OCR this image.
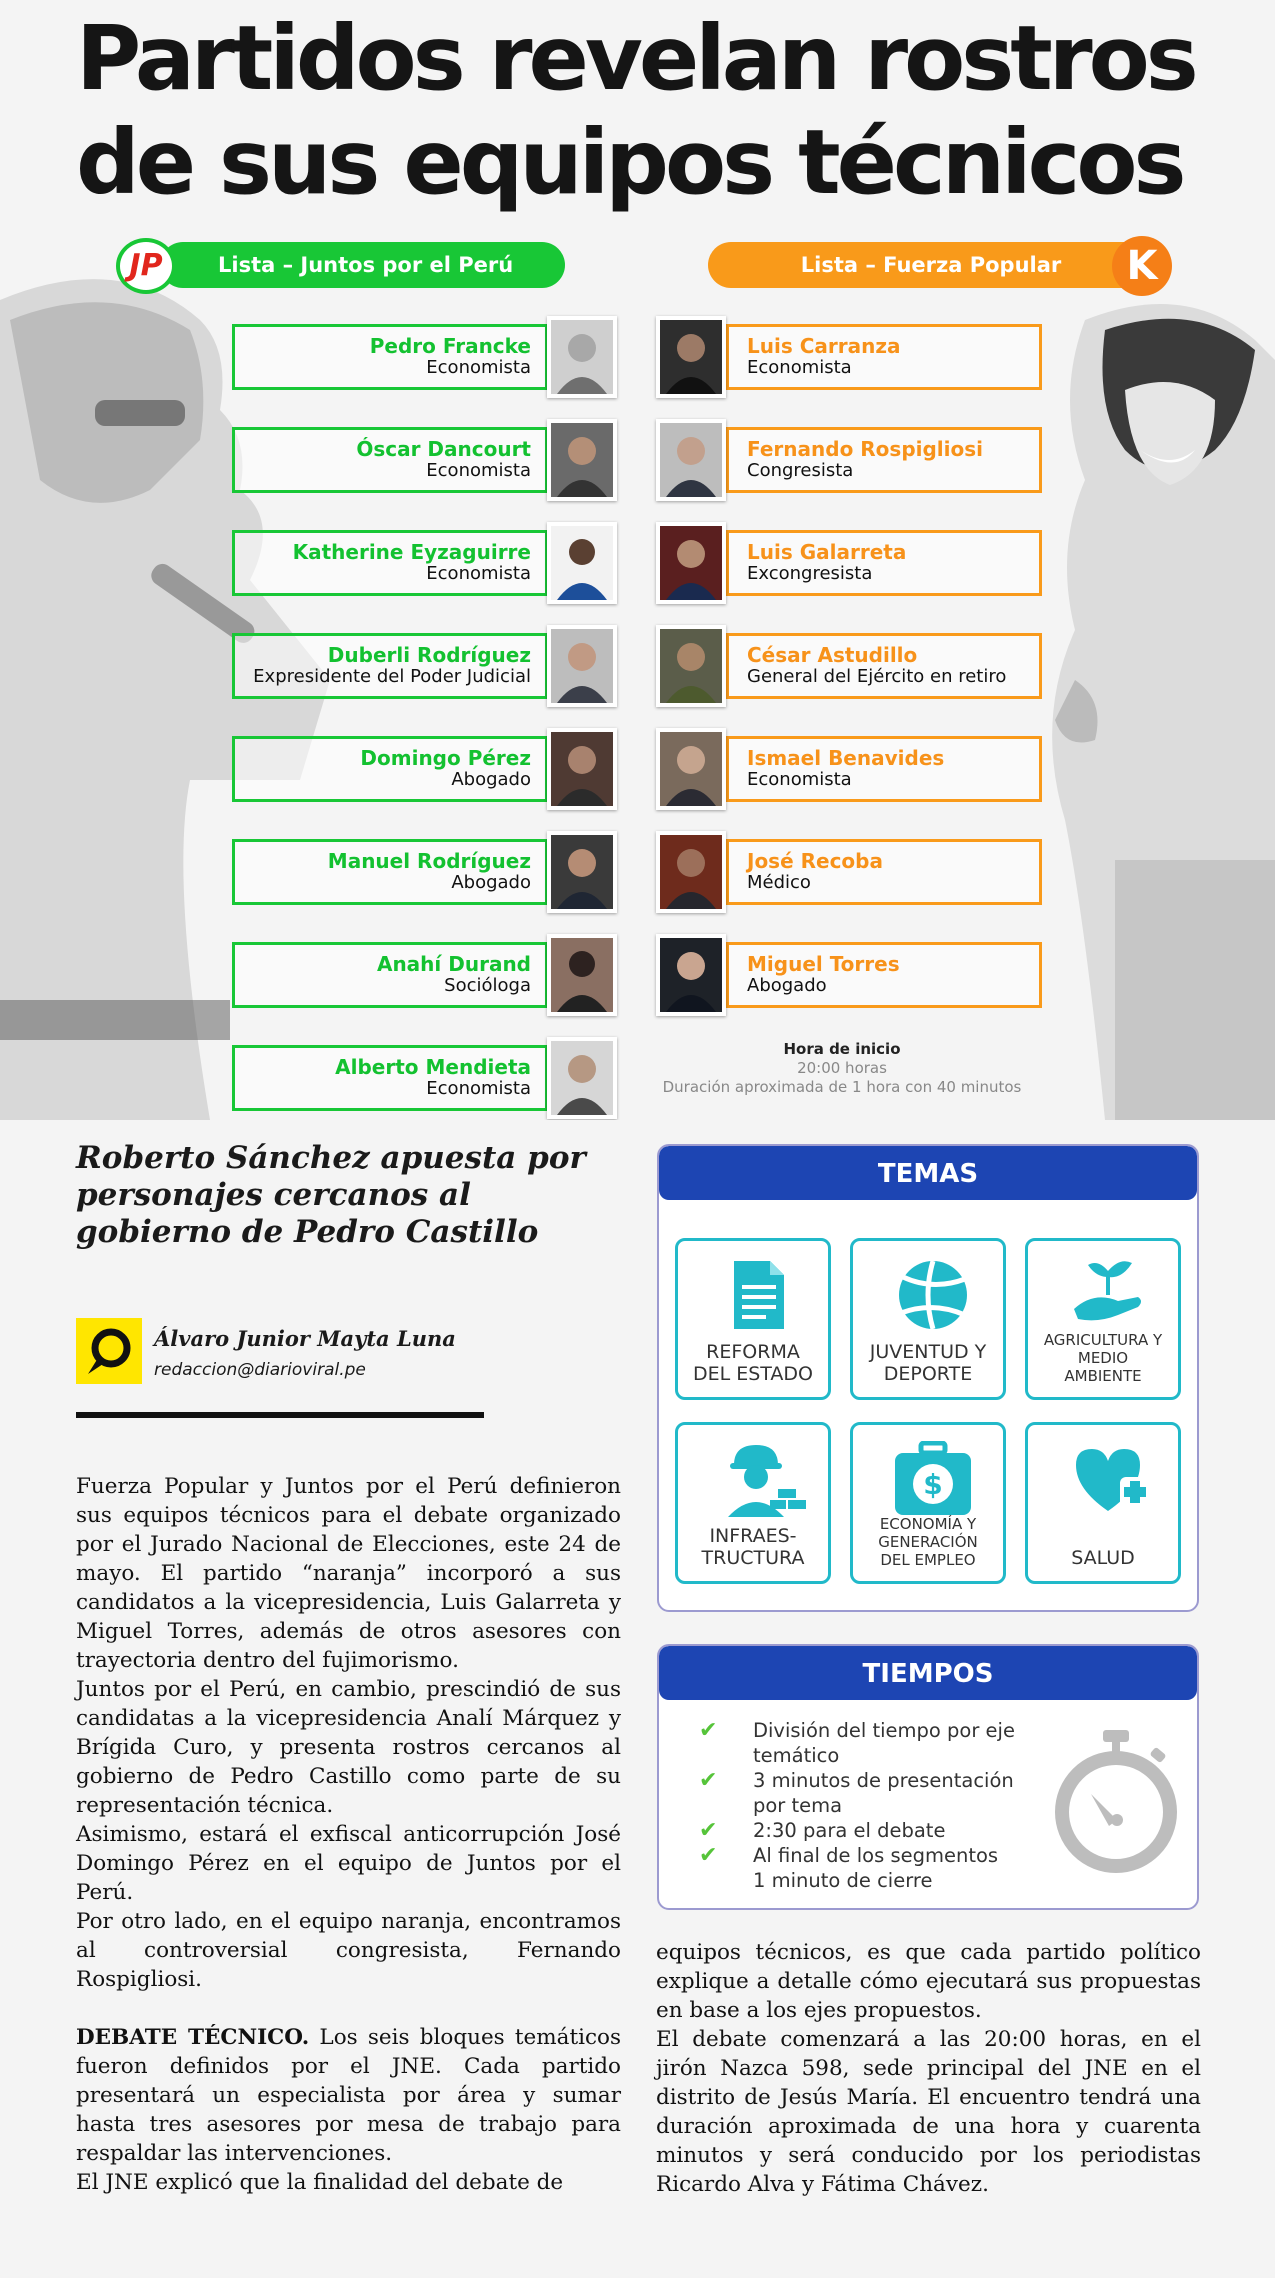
Partidos revelan rostros
de sus equipos técnicos
Lista – Juntos por el Perú
JP	Lista – Fuerza Popular	K
Pedro Francke
Economista
Óscar Dancourt
Economista
Katherine Eyzaguirre
Economista
Duberli Rodríguez
Expresidente del Poder Judicial
Domingo Pérez
Abogado
Manuel Rodríguez
Abogado
Anahí Durand
Socióloga
Alberto Mendieta
Economista
Luis Carranza
Economista
Fernando Rospigliosi
Congresista
Luis Galarreta
Excongresista
César Astudillo
General del Ejército en retiro
Ismael Benavides
Economista
José Recoba
Médico
Miguel Torres
Abogado
Hora de inicio
20:00 horas
Duración aproximada de 1 hora con 40 minutos
Roberto Sánchez apuesta por personajes cercanos al gobierno de Pedro Castillo
Álvaro Junior Mayta Luna
redaccion@diarioviral.pe

Fuerza Popular y Juntos por el Perú definieron sus equipos técnicos para el debate organizado por el Jurado Nacional de Elecciones, este 24 de mayo. El partido “naranja” incorporó a sus candidatos a la vicepresidencia, Luis Galarreta y Miguel Torres, además de otros asesores con trayectoria dentro del fujimorismo.

Juntos por el Perú, en cambio, prescindió de sus candidatas a la vicepresidencia Analí Márquez y Brígida Curo, y presenta rostros cercanos al gobierno de Pedro Castillo como parte de su representación técnica.

Asimismo, estará el exfiscal anticorrupción José Domingo Pérez en el equipo de Juntos por el Perú.

Por otro lado, en el equipo naranja, encontramos al controversial congresista, Fernando Rospigliosi.

DEBATE TÉCNICO. Los seis bloques temáticos fueron definidos por el JNE. Cada partido presentará un especialista por área y sumar hasta tres asesores por mesa de trabajo para respaldar las intervenciones.

El JNE explicó que la finalidad del debate de

equipos técnicos, es que cada partido político explique a detalle cómo ejecutará sus propuestas en base a los ejes propuestos.

El debate comenzará a las 20:00 horas, en el jirón Nazca 598, sede principal del JNE en el distrito de Jesús María. El encuentro tendrá una duración aproximada de una hora y cuarenta minutos y será conducido por los periodistas Ricardo Alva y Fátima Chávez.

TEMAS
REFORMA
DEL ESTADO
JUVENTUD Y
DEPORTE
AGRICULTURA Y
MEDIO
AMBIENTE
INFRAES-
TRUCTURA
$
ECONOMÍA Y
GENERACIÓN
DEL EMPLEO	SALUD
TIEMPOS
✔ División del tiempo por eje temático
✔ 3 minutos de presentación por tema
✔ 2:30 para el debate
✔ Al final de los segmentos
1 minuto de cierre
